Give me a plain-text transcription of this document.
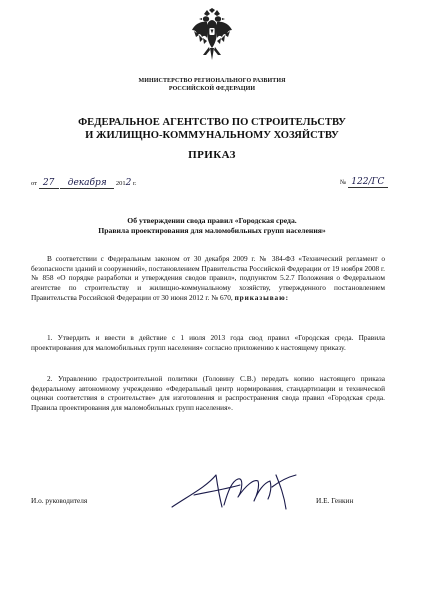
МИНИСТЕРСТВО РЕГИОНАЛЬНОГО РАЗВИТИЯ
РОССИЙСКОЙ ФЕДЕРАЦИИ
ФЕДЕРАЛЬНОЕ АГЕНТСТВО ПО СТРОИТЕЛЬСТВУ
И ЖИЛИЩНО-КОММУНАЛЬНОМУ ХОЗЯЙСТВУ
ПРИКАЗ
от 27 декабря 2012 г.	№ 122/ГС
Об утверждении свода правил «Городская среда.
Правила проектирования для маломобильных групп населения»
В соответствии с Федеральным законом от 30 декабря 2009 г. № 384-ФЗ «Технический регламент о безопасности зданий и сооружений», постановлением Правительства Российской Федерации от 19 ноября 2008 г. № 858 «О порядке разработки и утверждения сводов правил», подпунктом 5.2.7 Положения о Федеральном агентстве по строительству и жилищно-коммунальному хозяйству, утвержденного постановлением Правительства Российской Федерации от 30 июня 2012 г. № 670, приказываю:
1. Утвердить и ввести в действие с 1 июля 2013 года свод правил «Городская среда. Правила проектирования для маломобильных групп населения» согласно приложению к настоящему приказу.
2. Управлению градостроительной политики (Головину С.В.) передать копию настоящего приказа федеральному автономному учреждению «Федеральный центр нормирования, стандартизации и технической оценки соответствия в строительстве» для изготовления и распространения свода правил «Городская среда. Правила проектирования для маломобильных групп населения».
И.о. руководителя	И.Е. Генкин
